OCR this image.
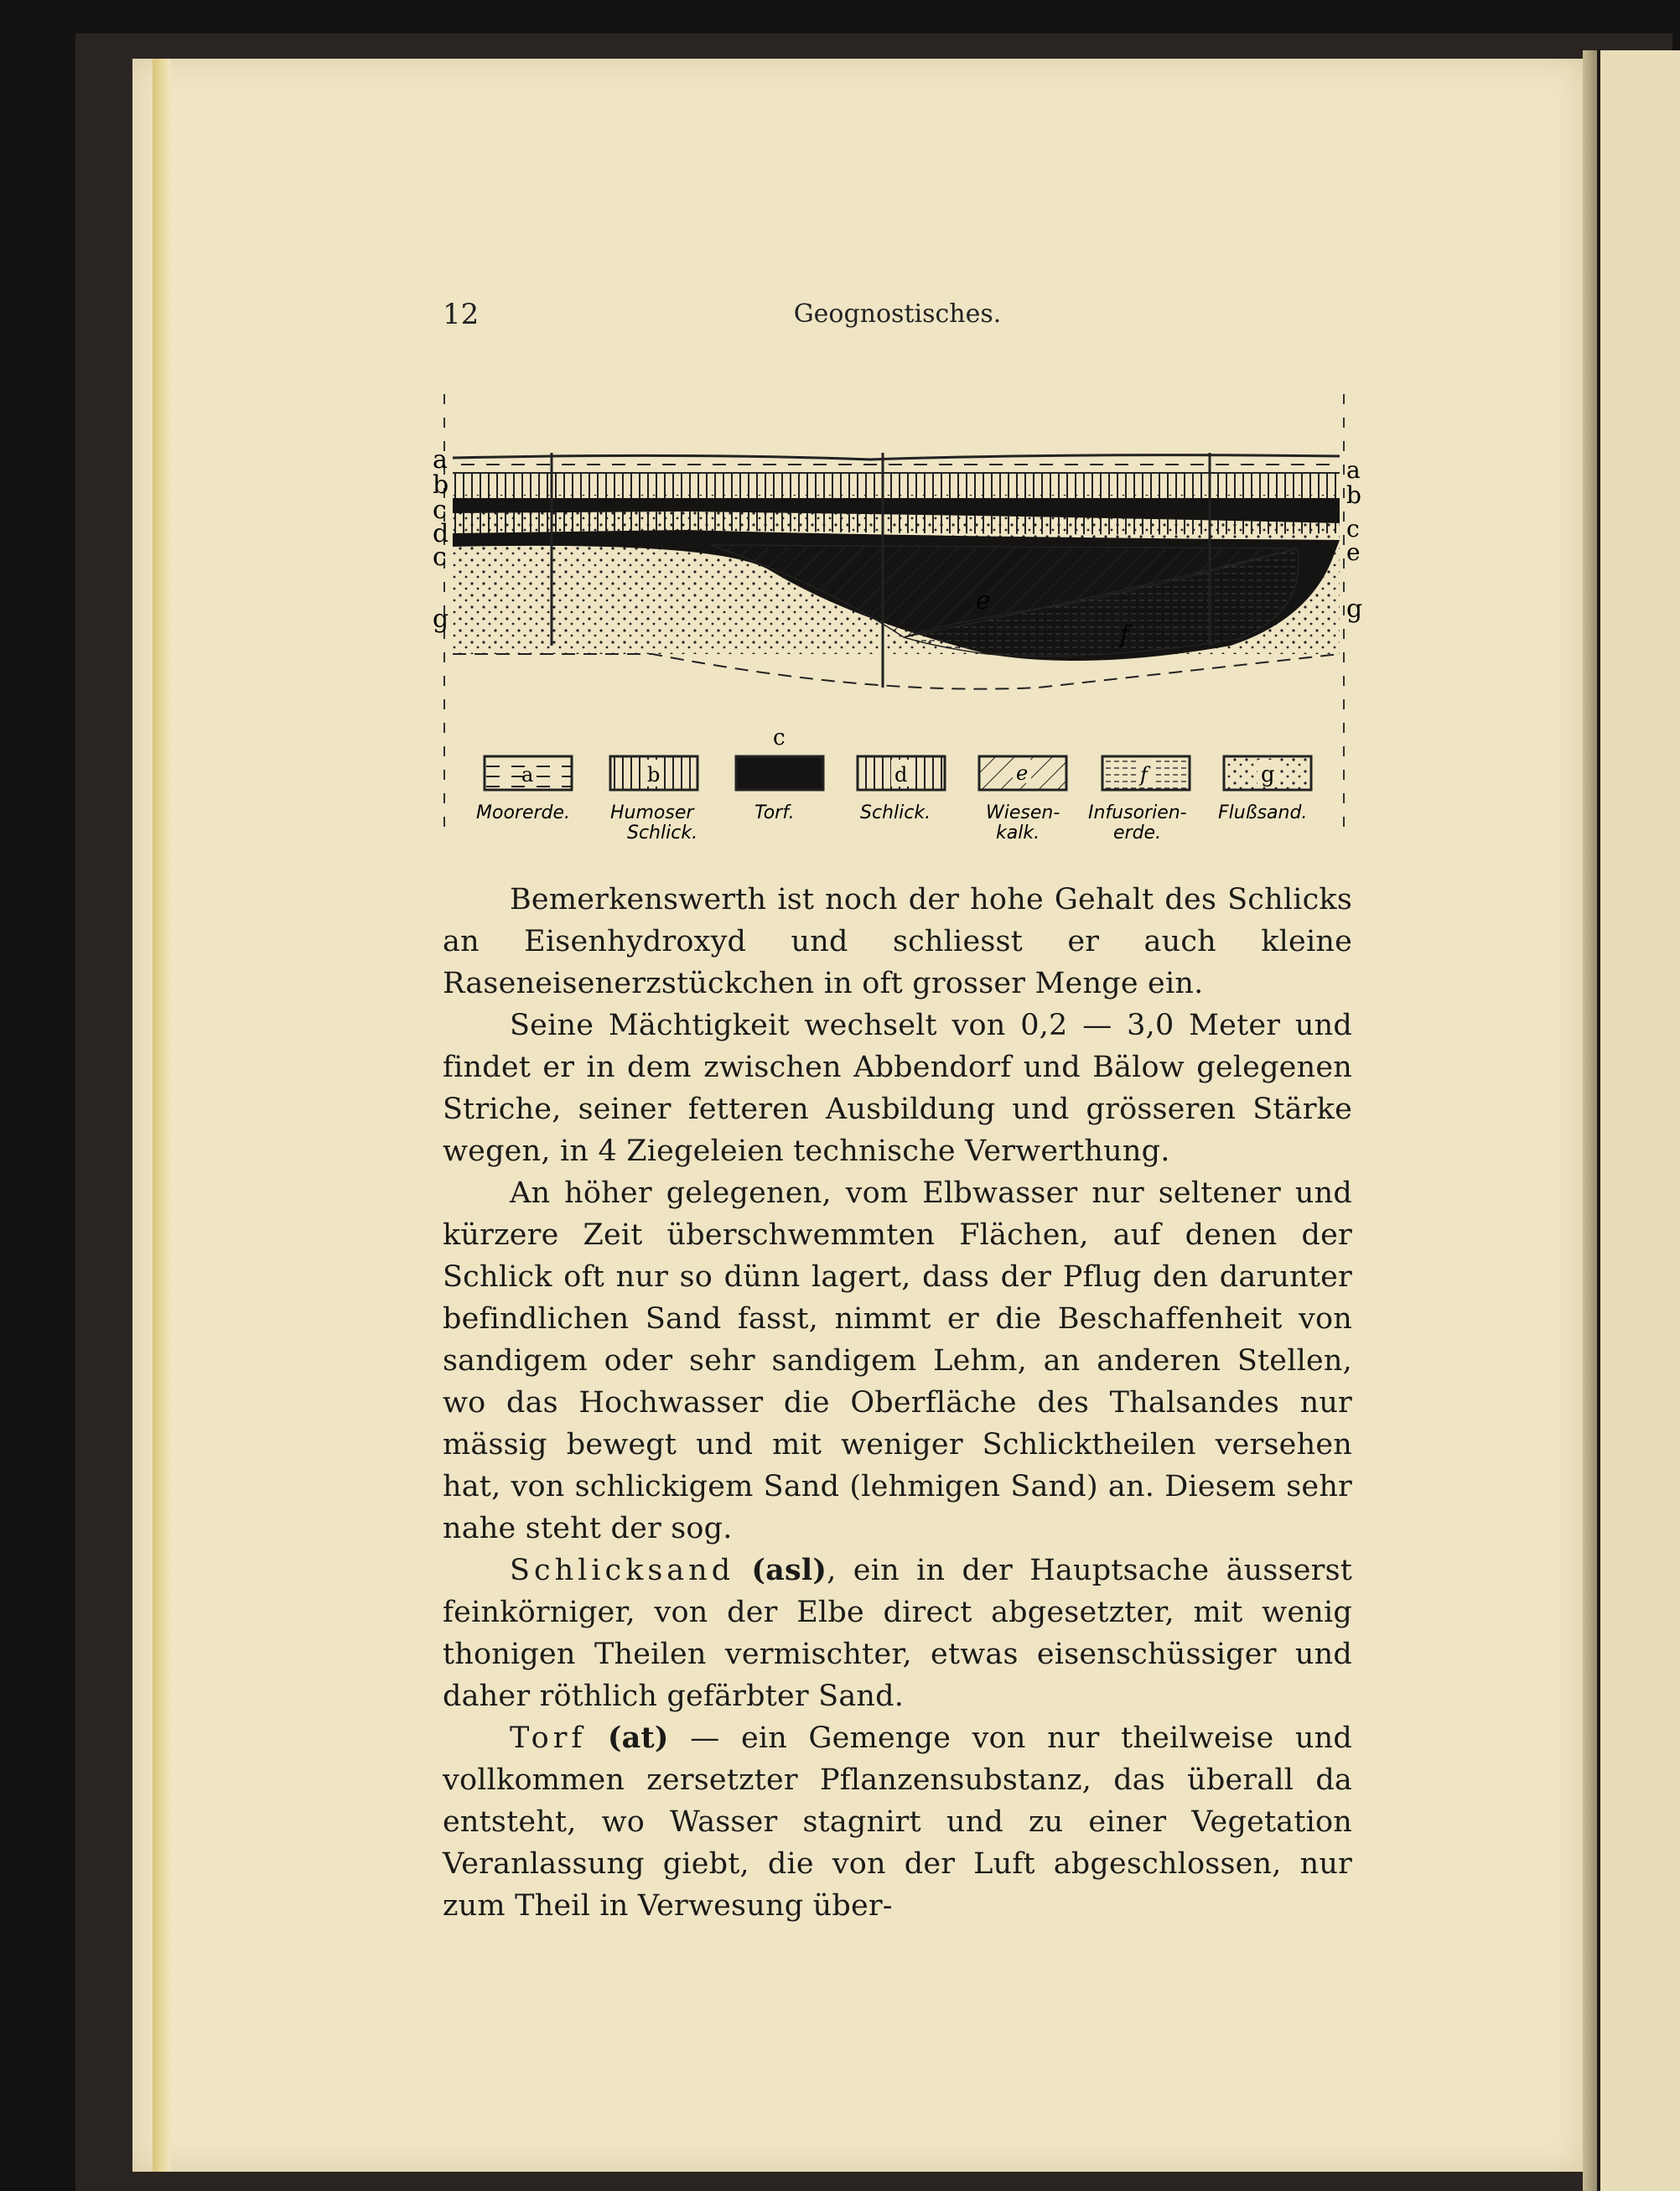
12	Geognostisches.
a
b
c
d
c
g
a
b
c
e
g
e
f
a	b
c
d	e	f	g
Moorerde. Humoser
Schlick.
Torf.	Schlick.	Wiesen-
kalk.
Infusorien-
erde.
Flußsand.

Bemerkenswerth ist noch der hohe Gehalt des Schlicks an Eisenhydroxyd und schliesst er auch kleine Raseneisenerzstückchen in oft grosser Menge ein.

Seine Mächtigkeit wechselt von 0,2 — 3,0 Meter und findet er in dem zwischen Abbendorf und Bälow gelegenen Striche, seiner fetteren Ausbildung und grösseren Stärke wegen, in 4 Ziegeleien technische Verwerthung.

An höher gelegenen, vom Elbwasser nur seltener und kürzere Zeit überschwemmten Flächen, auf denen der Schlick oft nur so dünn lagert, dass der Pflug den darunter befindlichen Sand fasst, nimmt er die Beschaffenheit von sandigem oder sehr sandigem Lehm, an anderen Stellen, wo das Hochwasser die Oberfläche des Thalsandes nur mässig bewegt und mit weniger Schlicktheilen versehen hat, von schlickigem Sand (lehmigen Sand) an. Diesem sehr nahe steht der sog.

Schlicksand (asl), ein in der Hauptsache äusserst feinkörniger, von der Elbe direct abgesetzter, mit wenig thonigen Theilen vermischter, etwas eisenschüssiger und daher röthlich gefärbter Sand.

Torf (at) — ein Gemenge von nur theilweise und vollkommen zersetzter Pflanzensubstanz, das überall da entsteht, wo Wasser stagnirt und zu einer Vegetation Veranlassung giebt, die von der Luft abgeschlossen, nur zum Theil in Verwesung über-
